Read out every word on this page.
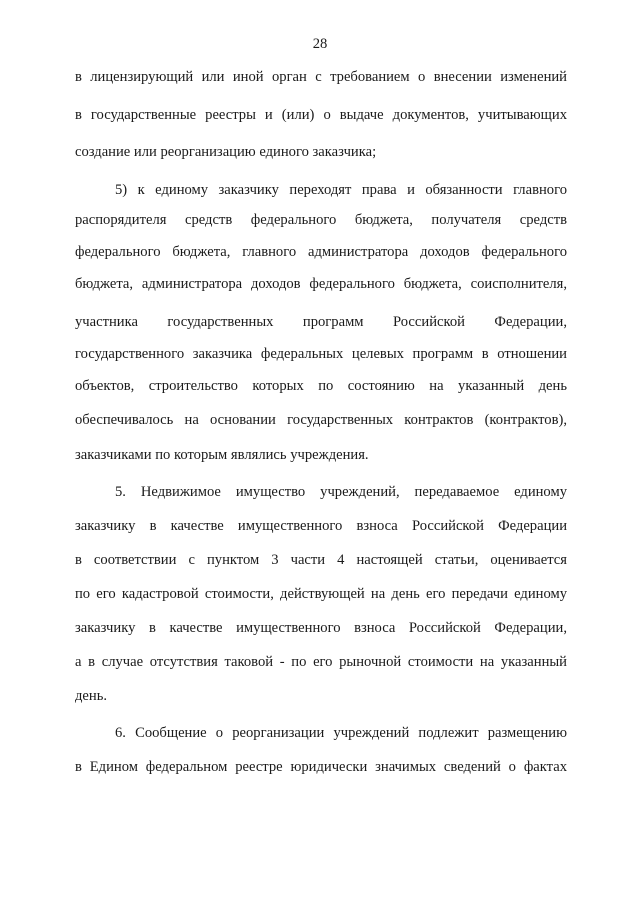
28
в лицензирующий или иной орган с требованием о внесении изменений
в государственные реестры и (или) о выдаче документов, учитывающих
создание или реорганизацию единого заказчика;
5) к единому заказчику переходят права и обязанности главного
распорядителя средств федерального бюджета, получателя средств
федерального бюджета, главного администратора доходов федерального
бюджета, администратора доходов федерального бюджета, соисполнителя,
участника государственных программ Российской Федерации,
государственного заказчика федеральных целевых программ в отношении
объектов, строительство которых по состоянию на указанный день
обеспечивалось на основании государственных контрактов (контрактов),
заказчиками по которым являлись учреждения.
5. Недвижимое имущество учреждений, передаваемое единому
заказчику в качестве имущественного взноса Российской Федерации
в соответствии с пунктом 3 части 4 настоящей статьи, оценивается
по его кадастровой стоимости, действующей на день его передачи единому
заказчику в качестве имущественного взноса Российской Федерации,
а в случае отсутствия таковой - по его рыночной стоимости на указанный
день.
6. Сообщение о реорганизации учреждений подлежит размещению
в Едином федеральном реестре юридически значимых сведений о фактах
